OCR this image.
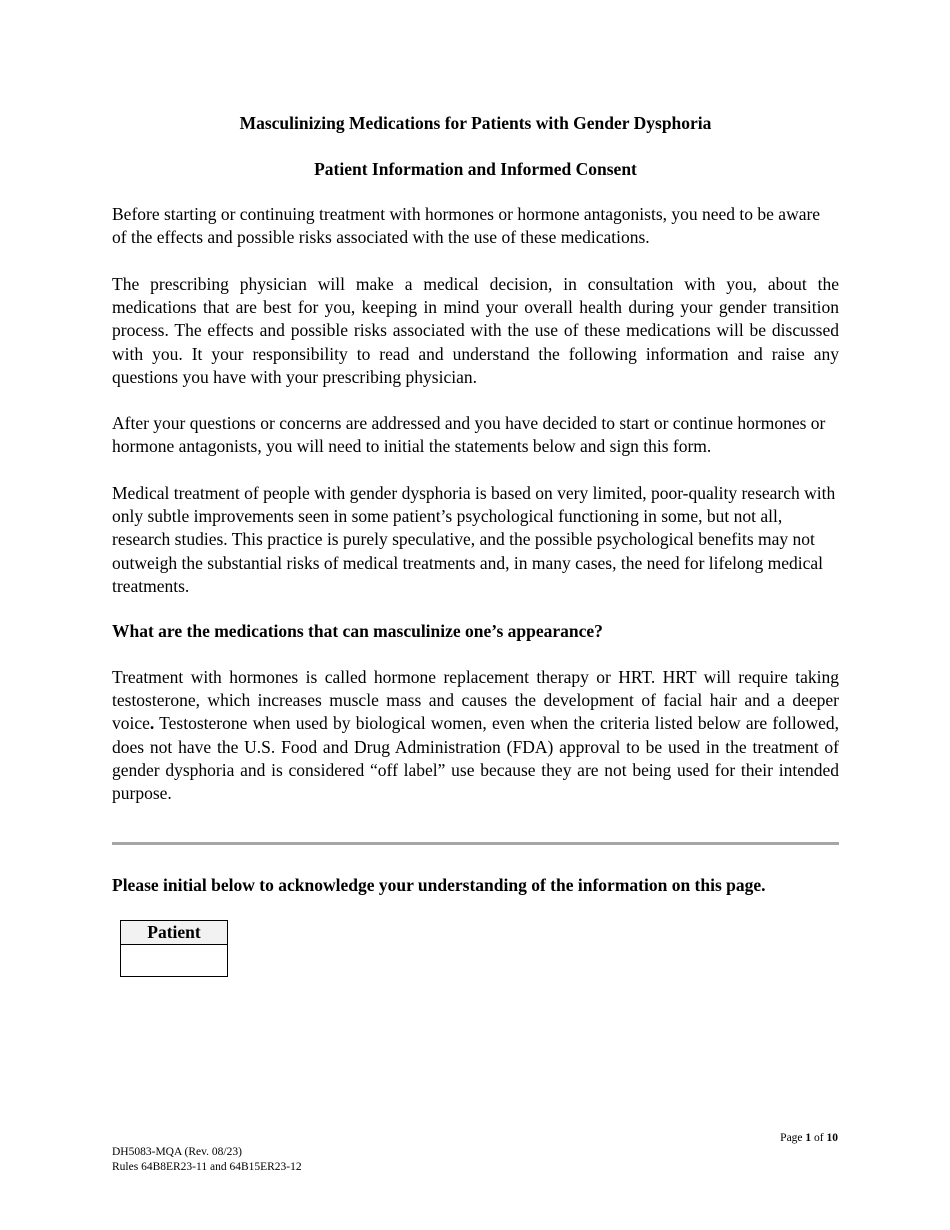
Masculinizing Medications for Patients with Gender Dysphoria
Patient Information and Informed Consent

Before starting or continuing treatment with hormones or hormone antagonists, you need to be aware of the effects and possible risks associated with the use of these medications.

The prescribing physician will make a medical decision, in consultation with you, about the medications that are best for you, keeping in mind your overall health during your gender transition process. The effects and possible risks associated with the use of these medications will be discussed with you. It your responsibility to read and understand the following information and raise any questions you have with your prescribing physician.

After your questions or concerns are addressed and you have decided to start or continue hormones or hormone antagonists, you will need to initial the statements below and sign this form.

Medical treatment of people with gender dysphoria is based on very limited, poor-quality research with only subtle improvements seen in some patient’s psychological functioning in some, but not all, research studies. This practice is purely speculative, and the possible psychological benefits may not outweigh the substantial risks of medical treatments and, in many cases, the need for lifelong medical treatments.

What are the medications that can masculinize one’s appearance?

Treatment with hormones is called hormone replacement therapy or HRT. HRT will require taking testosterone, which increases muscle mass and causes the development of facial hair and a deeper voice. Testosterone when used by biological women, even when the criteria listed below are followed, does not have the U.S. Food and Drug Administration (FDA) approval to be used in the treatment of gender dysphoria and is considered “off label” use because they are not being used for their intended purpose.

Please initial below to acknowledge your understanding of the information on this page.
Patient
Page 1 of 10
DH5083-MQA (Rev. 08/23)
Rules 64B8ER23-11 and 64B15ER23-12
